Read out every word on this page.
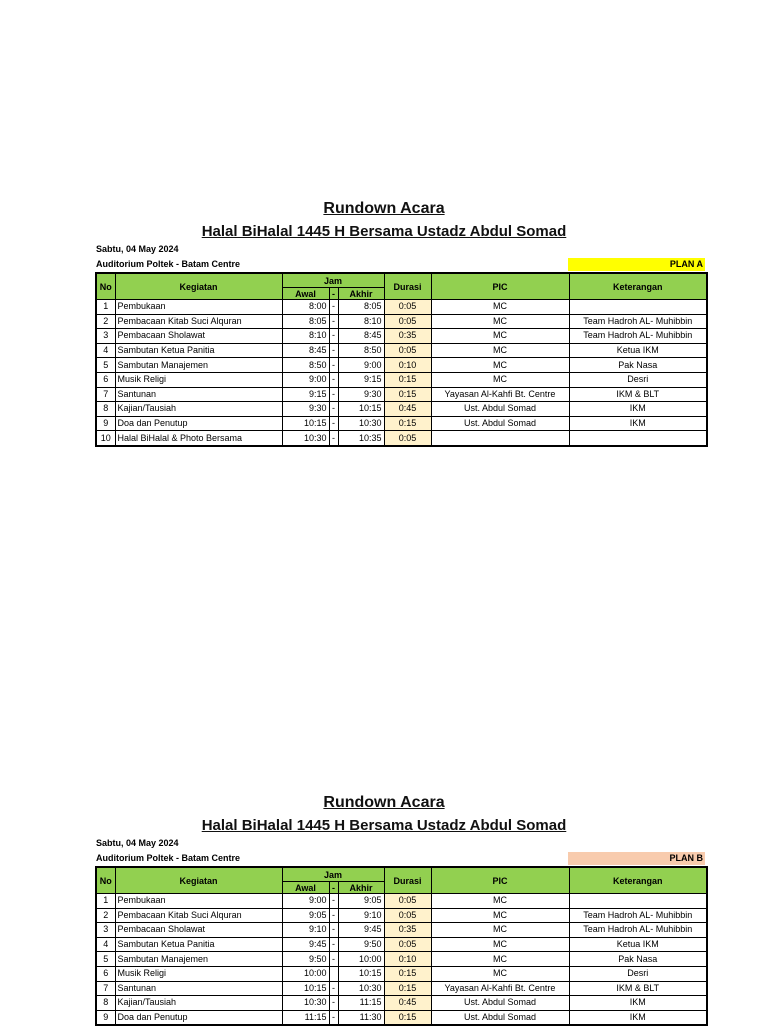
Rundown Acara
Halal BiHalal 1445 H Bersama Ustadz Abdul Somad
Sabtu, 04 May 2024
Auditorium Poltek - Batam Centre	PLAN A
No	Kegiatan	Jam			Durasi	PIC	Keterangan
		Awal	-	Akhir			
1	Pembukaan	8:00	-	8:05	0:05	MC	
2	Pembacaan Kitab Suci Alquran	8:05	-	8:10	0:05	MC	Team Hadroh AL- Muhibbin
3	Pembacaan Sholawat	8:10	-	8:45	0:35	MC	Team Hadroh AL- Muhibbin
4	Sambutan Ketua Panitia	8:45	-	8:50	0:05	MC	Ketua IKM
5	Sambutan Manajemen	8:50	-	9:00	0:10	MC	Pak Nasa
6	Musik Religi	9:00	-	9:15	0:15	MC	Desri
7	Santunan	9:15	-	9:30	0:15	Yayasan Al-Kahfi Bt. Centre	IKM & BLT
8	Kajian/Tausiah	9:30	-	10:15	0:45	Ust. Abdul Somad	IKM
9	Doa dan Penutup	10:15	-	10:30	0:15	Ust. Abdul Somad	IKM
10	Halal BiHalal & Photo Bersama	10:30	-	10:35	0:05		
Rundown Acara
Halal BiHalal 1445 H Bersama Ustadz Abdul Somad
Sabtu, 04 May 2024
Auditorium Poltek - Batam Centre	PLAN B
No	Kegiatan	Jam			Durasi	PIC	Keterangan
		Awal	-	Akhir			
1	Pembukaan	9:00	-	9:05	0:05	MC	
2	Pembacaan Kitab Suci Alquran	9:05	-	9:10	0:05	MC	Team Hadroh AL- Muhibbin
3	Pembacaan Sholawat	9:10	-	9:45	0:35	MC	Team Hadroh AL- Muhibbin
4	Sambutan Ketua Panitia	9:45	-	9:50	0:05	MC	Ketua IKM
5	Sambutan Manajemen	9:50	-	10:00	0:10	MC	Pak Nasa
6	Musik Religi	10:00		10:15	0:15	MC	Desri
7	Santunan	10:15	-	10:30	0:15	Yayasan Al-Kahfi Bt. Centre	IKM & BLT
8	Kajian/Tausiah	10:30	-	11:15	0:45	Ust. Abdul Somad	IKM
9	Doa dan Penutup	11:15	-	11:30	0:15	Ust. Abdul Somad	IKM
